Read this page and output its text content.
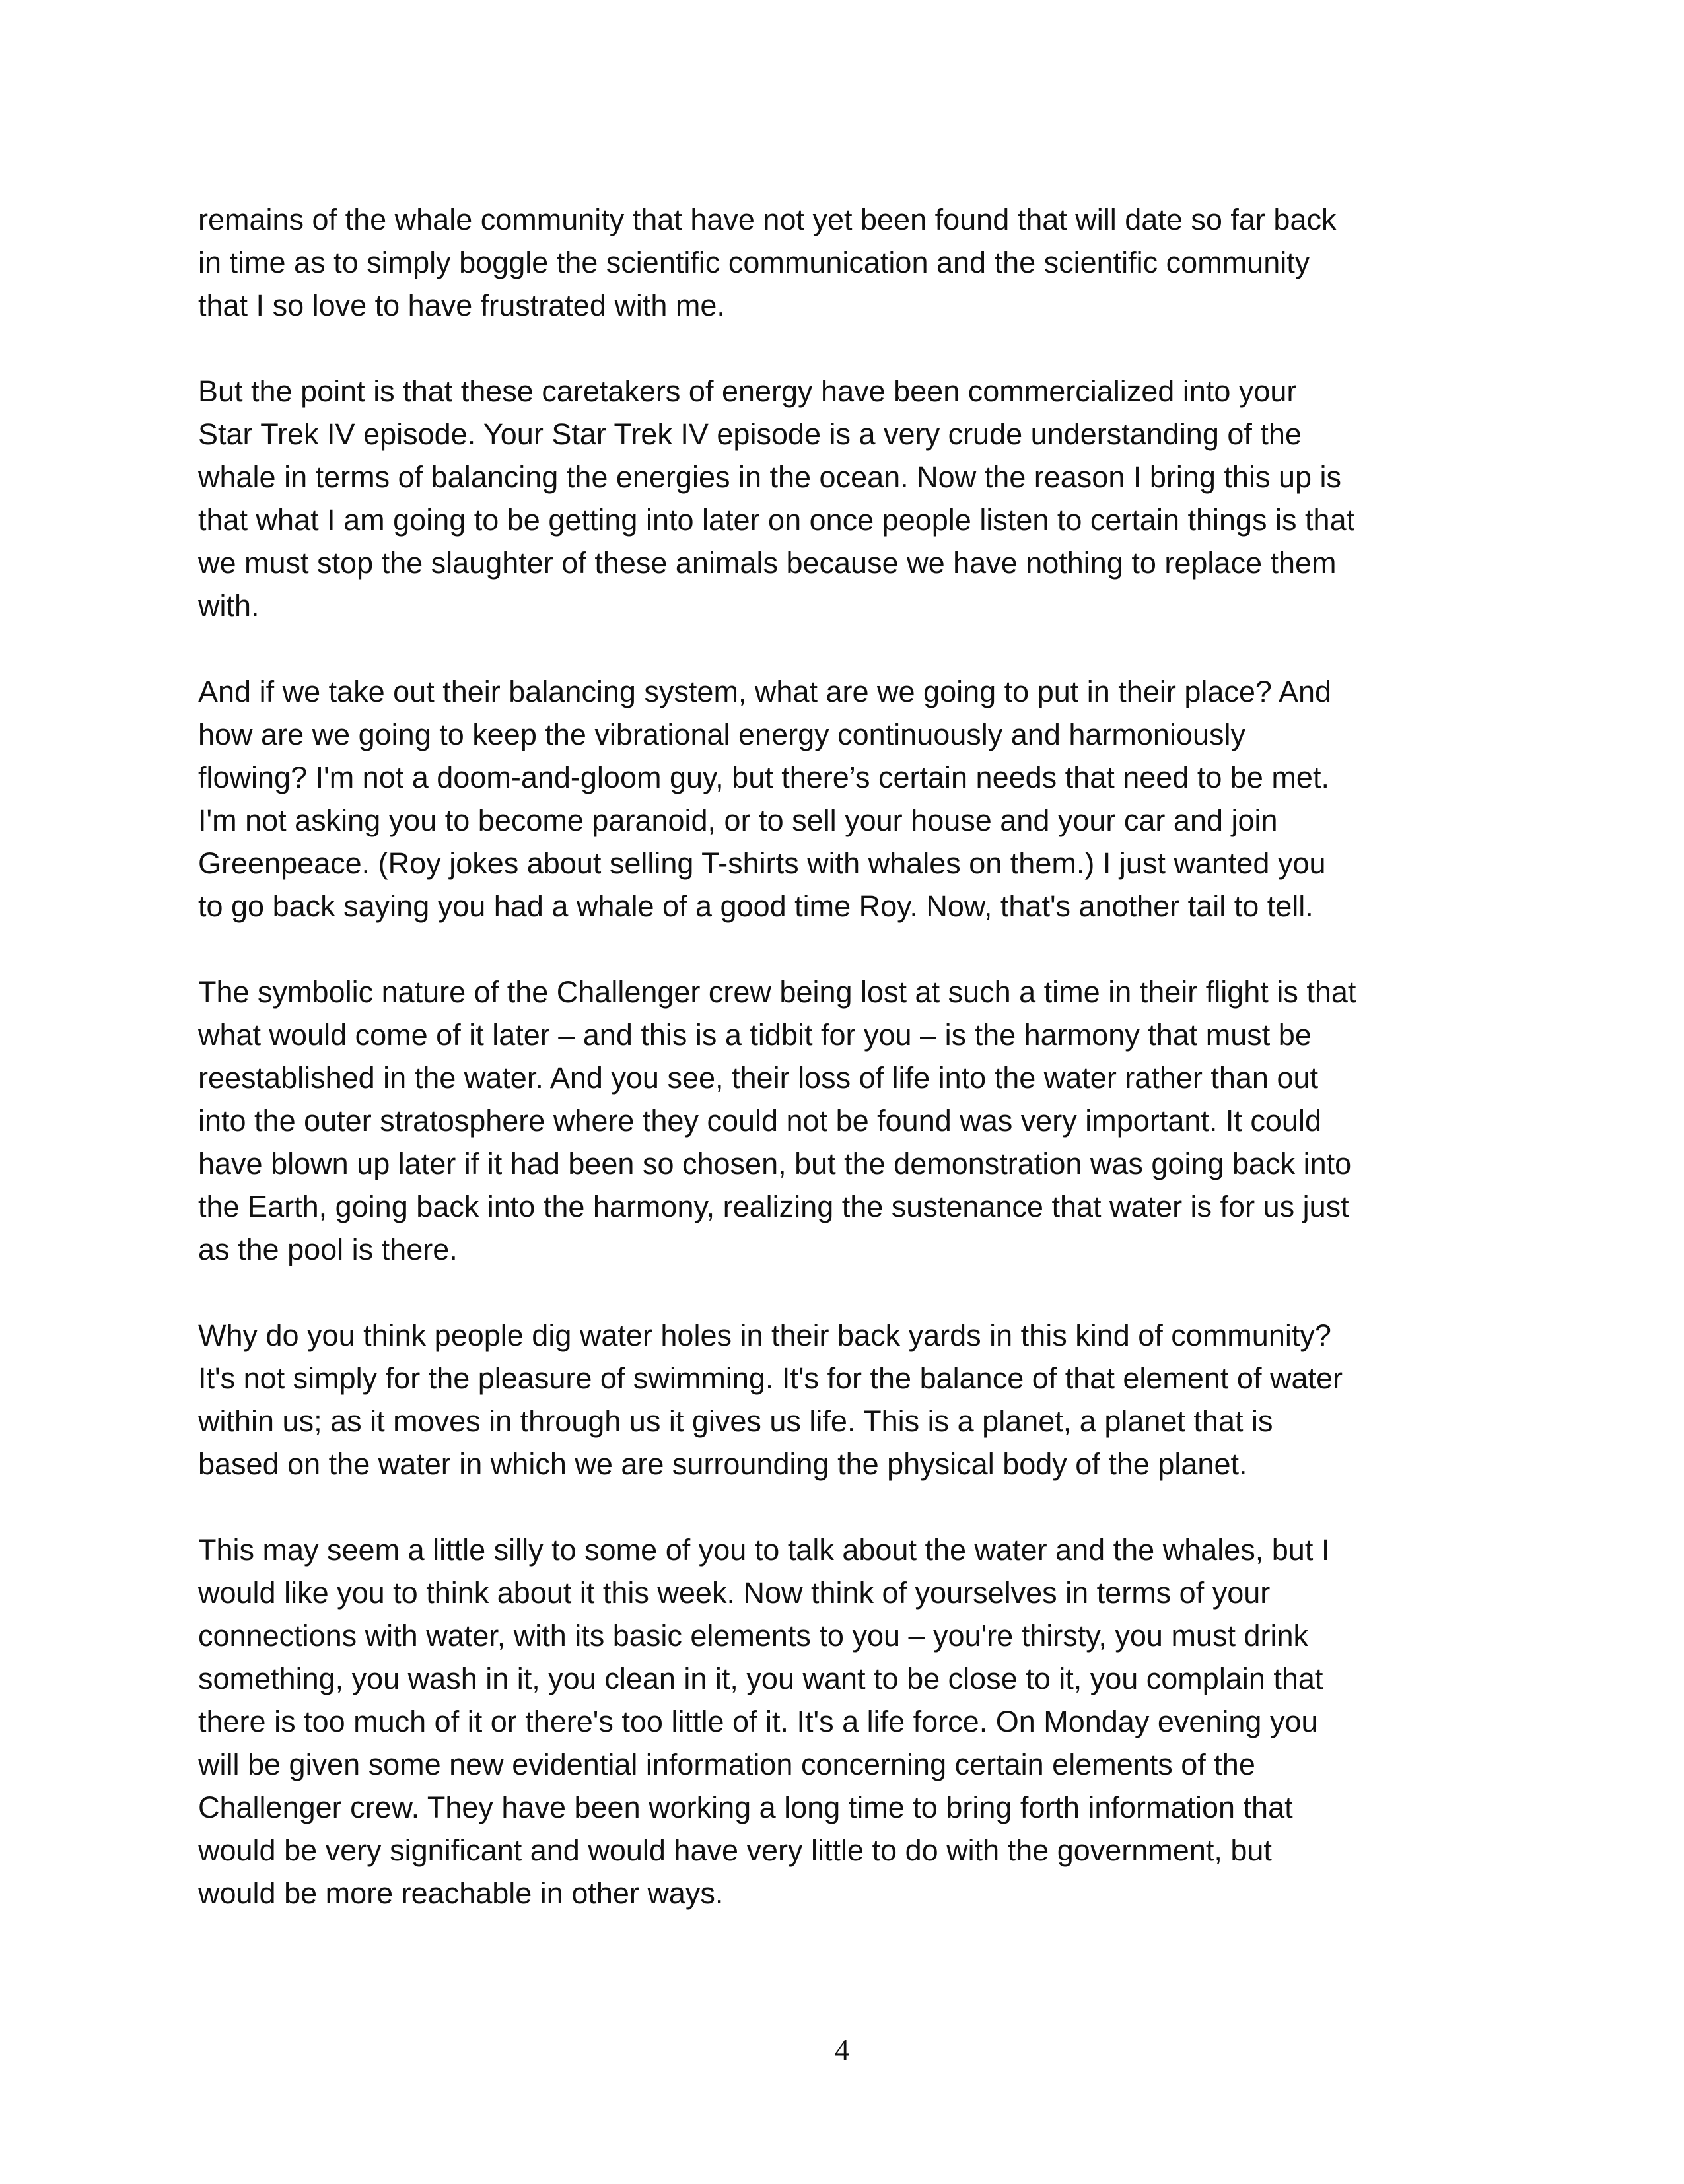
remains of the whale community that have not yet been found that will date so far back
in time as to simply boggle the scientific communication and the scientific community
that I so love to have frustrated with me.

But the point is that these caretakers of energy have been commercialized into your
Star Trek IV episode. Your Star Trek IV episode is a very crude understanding of the
whale in terms of balancing the energies in the ocean. Now the reason I bring this up is
that what I am going to be getting into later on once people listen to certain things is that
we must stop the slaughter of these animals because we have nothing to replace them
with.

And if we take out their balancing system, what are we going to put in their place? And
how are we going to keep the vibrational energy continuously and harmoniously
flowing? I'm not a doom-and-gloom guy, but there’s certain needs that need to be met.
I'm not asking you to become paranoid, or to sell your house and your car and join
Greenpeace. (Roy jokes about selling T-shirts with whales on them.) I just wanted you
to go back saying you had a whale of a good time Roy. Now, that's another tail to tell.

The symbolic nature of the Challenger crew being lost at such a time in their flight is that
what would come of it later – and this is a tidbit for you – is the harmony that must be
reestablished in the water. And you see, their loss of life into the water rather than out
into the outer stratosphere where they could not be found was very important. It could
have blown up later if it had been so chosen, but the demonstration was going back into
the Earth, going back into the harmony, realizing the sustenance that water is for us just
as the pool is there.

Why do you think people dig water holes in their back yards in this kind of community?
It's not simply for the pleasure of swimming. It's for the balance of that element of water
within us; as it moves in through us it gives us life. This is a planet, a planet that is
based on the water in which we are surrounding the physical body of the planet.

This may seem a little silly to some of you to talk about the water and the whales, but I
would like you to think about it this week. Now think of yourselves in terms of your
connections with water, with its basic elements to you – you're thirsty, you must drink
something, you wash in it, you clean in it, you want to be close to it, you complain that
there is too much of it or there's too little of it. It's a life force. On Monday evening you
will be given some new evidential information concerning certain elements of the
Challenger crew. They have been working a long time to bring forth information that
would be very significant and would have very little to do with the government, but
would be more reachable in other ways.

4
